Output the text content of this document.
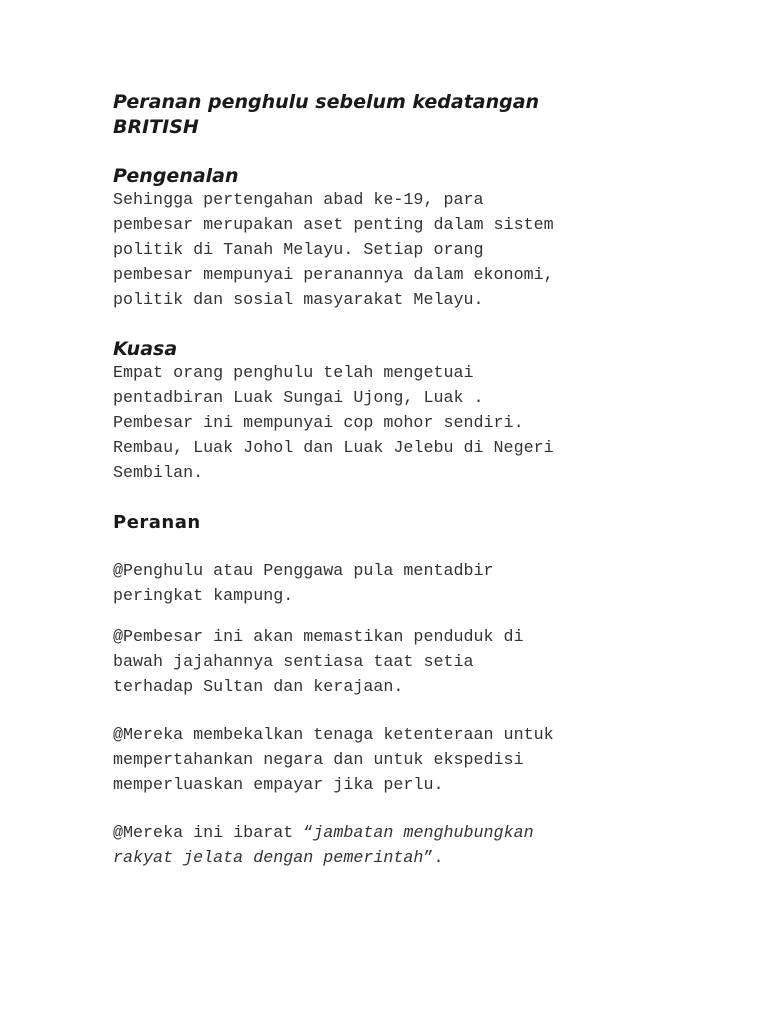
Peranan penghulu sebelum kedatangan
BRITISH
Pengenalan

Sehingga pertengahan abad ke-19, para
pembesar merupakan aset penting dalam sistem
politik di Tanah Melayu. Setiap orang
pembesar mempunyai peranannya dalam ekonomi,
politik dan sosial masyarakat Melayu.

Kuasa

Empat orang penghulu telah mengetuai
pentadbiran Luak Sungai Ujong, Luak .
Pembesar ini mempunyai cop mohor sendiri.
Rembau, Luak Johol dan Luak Jelebu di Negeri
Sembilan.

Peranan

@Penghulu atau Penggawa pula mentadbir
peringkat kampung.

@Pembesar ini akan memastikan penduduk di
bawah jajahannya sentiasa taat setia
terhadap Sultan dan kerajaan.

@Mereka membekalkan tenaga ketenteraan untuk
mempertahankan negara dan untuk ekspedisi
memperluaskan empayar jika perlu.

@Mereka ini ibarat “jambatan menghubungkan
rakyat jelata dengan pemerintah”.
